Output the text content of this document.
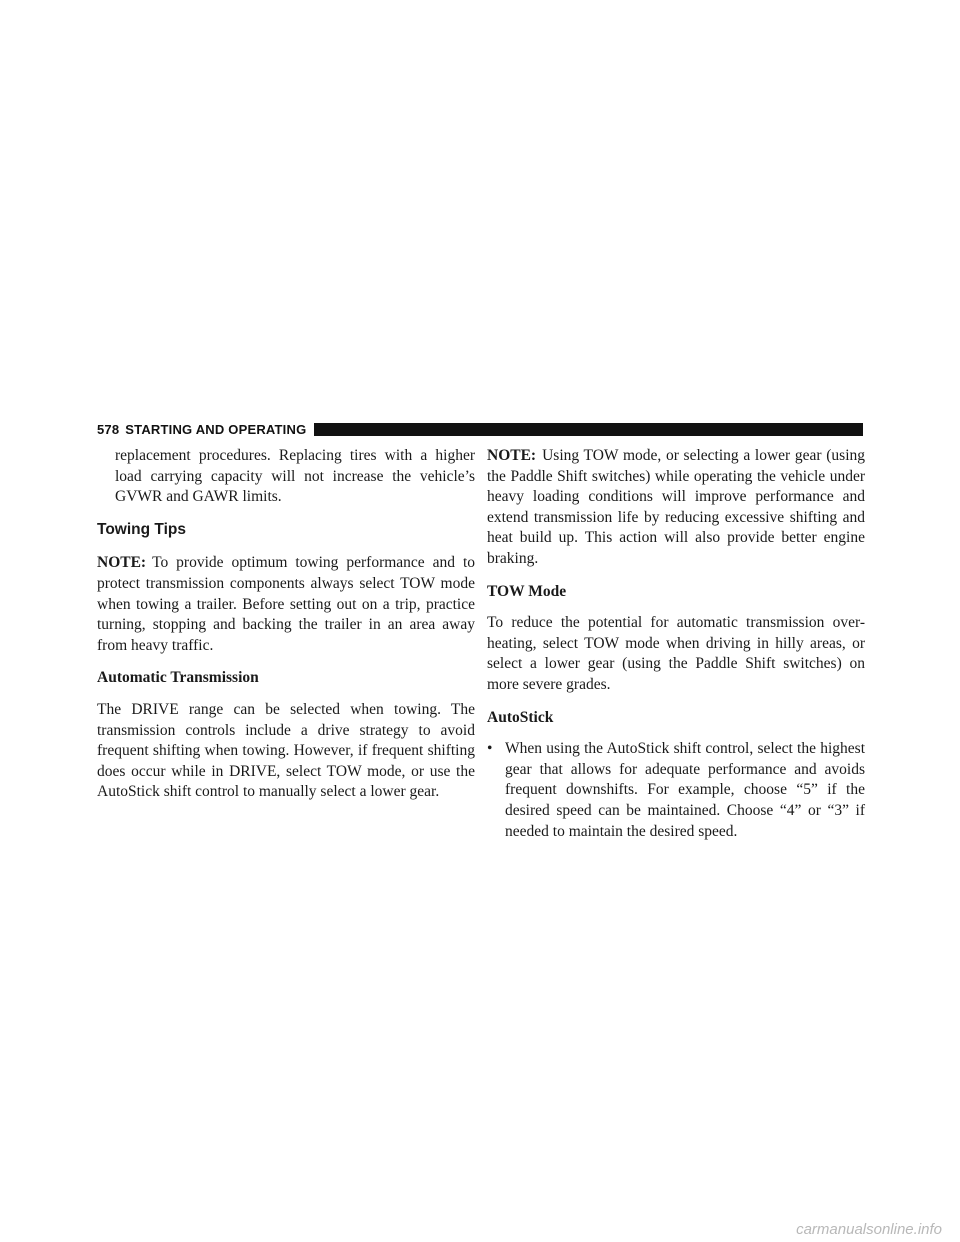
578 STARTING AND OPERATING

replacement procedures. Replacing tires with a higher load carrying capacity will not increase the vehicle’s GVWR and GAWR limits.

Towing Tips

NOTE: To provide optimum towing performance and to protect transmission components always select TOW mode when towing a trailer. Before setting out on a trip, practice turning, stopping and backing the trailer in an area away from heavy traffic.

Automatic Transmission

The DRIVE range can be selected when towing. The transmission controls include a drive strategy to avoid frequent shifting when towing. However, if frequent shifting does occur while in DRIVE, select TOW mode, or use the AutoStick shift control to manually select a lower gear.

NOTE: Using TOW mode, or selecting a lower gear (using the Paddle Shift switches) while operating the vehicle under heavy loading conditions will improve performance and extend transmission life by reducing excessive shifting and heat build up. This action will also provide better engine braking.

TOW Mode

To reduce the potential for automatic transmission over-heating, select TOW mode when driving in hilly areas, or select a lower gear (using the Paddle Shift switches) on more severe grades.

AutoStick
• When using the AutoStick shift control, select the highest gear that allows for adequate performance and avoids frequent downshifts. For example, choose “5” if the desired speed can be maintained. Choose “4” or “3” if needed to maintain the desired speed.
carmanualsonline.info
